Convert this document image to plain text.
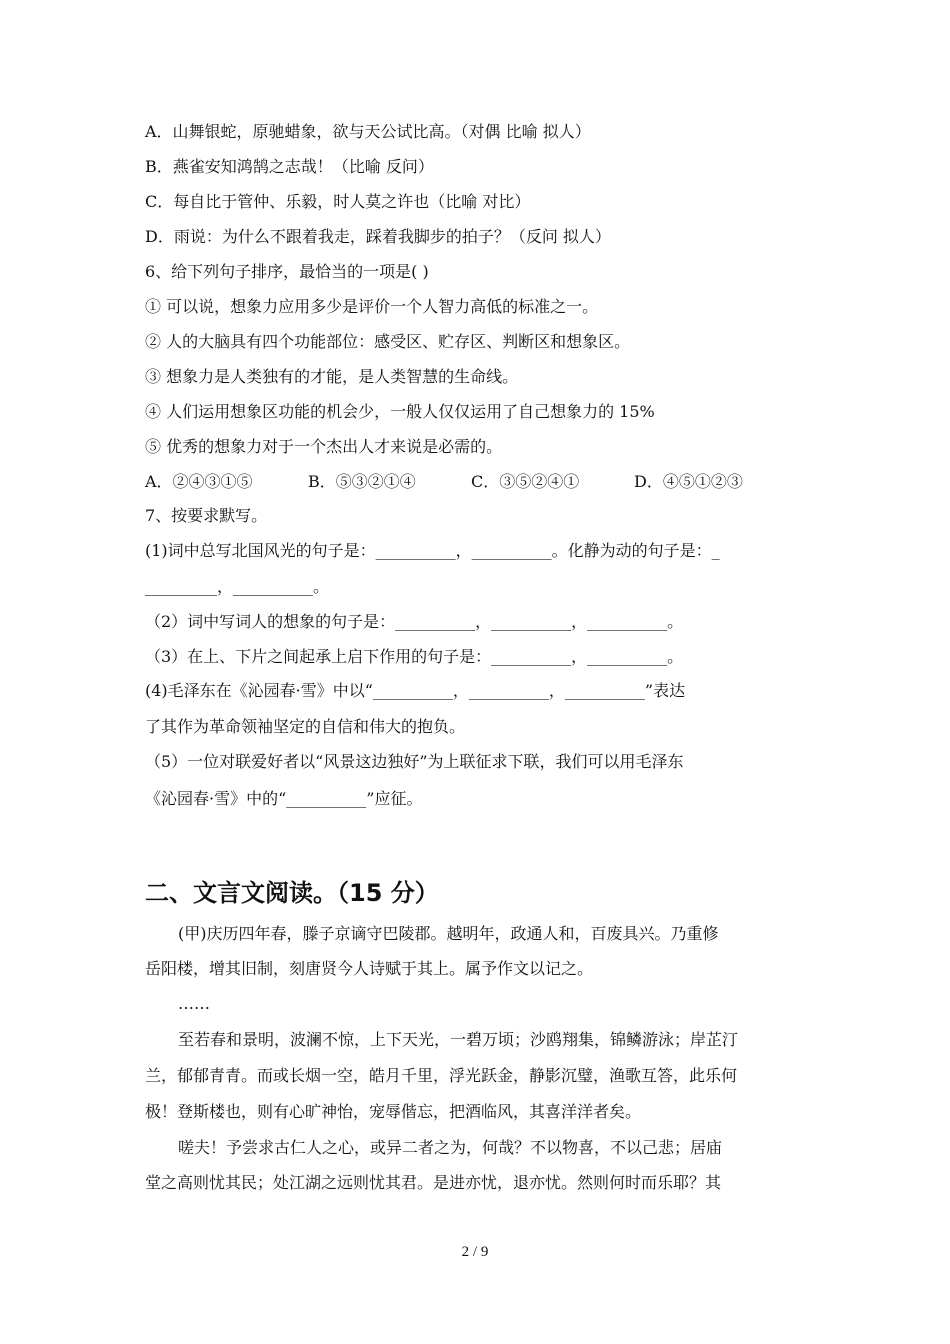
A．山舞银蛇，原驰蜡象，欲与天公试比高。（对偶 比喻 拟人）
B．燕雀安知鸿鹄之志哉！（比喻 反问）
C．每自比于管仲、乐毅，时人莫之许也（比喻 对比）
D．雨说：为什么不跟着我走，踩着我脚步的拍子？（反问 拟人）
6、给下列句子排序，最恰当的一项是( )
① 可以说，想象力应用多少是评价一个人智力高低的标准之一。
② 人的大脑具有四个功能部位：感受区、贮存区、判断区和想象区。
③ 想象力是人类独有的才能，是人类智慧的生命线。
④ 人们运用想象区功能的机会少，一般人仅仅运用了自己想象力的 15%
⑤ 优秀的想象力对于一个杰出人才来说是必需的。
A．②④③①⑤	B．⑤③②①④	C．③⑤②④①	D．④⑤①②③
7、按要求默写。
(1)词中总写北国风光的句子是：__________，__________。化静为动的句子是：_
_________，__________。
（2）词中写词人的想象的句子是：__________，__________，__________。
（3）在上、下片之间起承上启下作用的句子是：__________，__________。
(4)毛泽东在《沁园春·雪》中以“__________，__________，__________”表达
了其作为革命领袖坚定的自信和伟大的抱负。
（5）一位对联爱好者以“风景这边独好”为上联征求下联，我们可以用毛泽东
《沁园春·雪》中的“__________”应征。
二、文言文阅读。（15 分）
(甲)庆历四年春，滕子京谪守巴陵郡。越明年，政通人和，百废具兴。乃重修
岳阳楼，增其旧制，刻唐贤今人诗赋于其上。属予作文以记之。
……
至若春和景明，波澜不惊，上下天光，一碧万顷；沙鸥翔集，锦鳞游泳；岸芷汀
兰，郁郁青青。而或长烟一空，皓月千里，浮光跃金，静影沉璧，渔歌互答，此乐何
极！登斯楼也，则有心旷神怡，宠辱偕忘，把酒临风，其喜洋洋者矣。
嗟夫！予尝求古仁人之心，或异二者之为，何哉？不以物喜，不以己悲；居庙
堂之高则忧其民；处江湖之远则忧其君。是进亦忧，退亦忧。然则何时而乐耶？其
2 / 9
